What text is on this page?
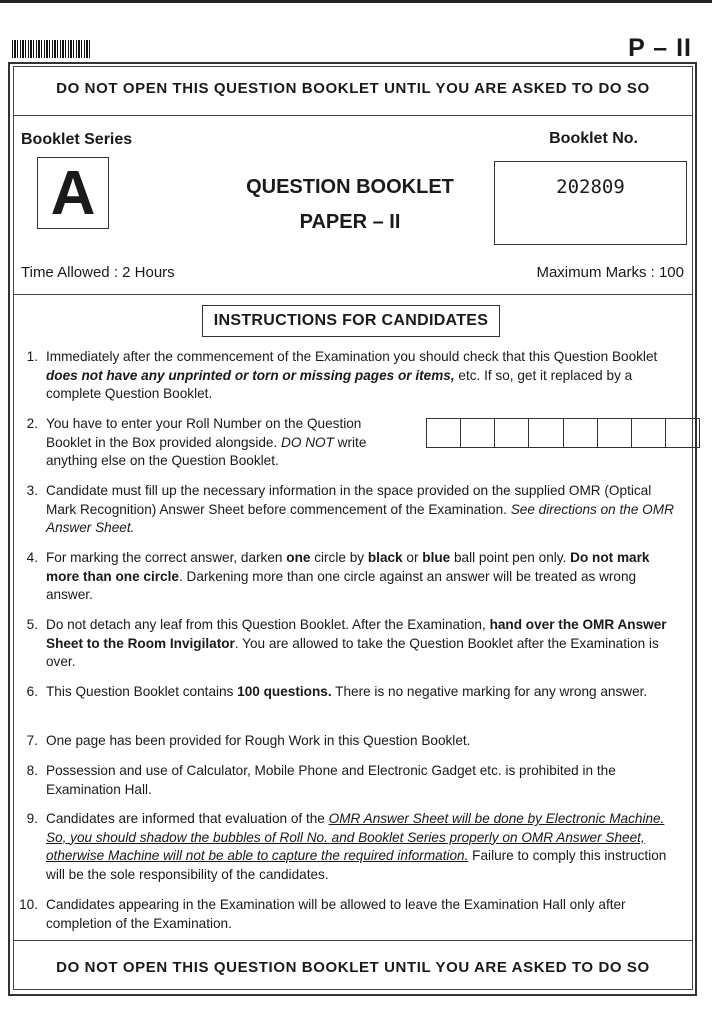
P – II
DO NOT OPEN THIS QUESTION BOOKLET UNTIL YOU ARE ASKED TO DO SO
Booklet Series	Booklet No.
A	QUESTION BOOKLET
PAPER – II
202809
Time Allowed : 2 Hours	Maximum Marks : 100
INSTRUCTIONS FOR CANDIDATES
1. Immediately after the commencement of the Examination you should check that this Question Booklet does not have any unprinted or torn or missing pages or items, etc. If so, get it replaced by a complete Question Booklet.
2. You have to enter your Roll Number on the Question Booklet in the Box provided alongside. DO NOT write anything else on the Question Booklet.
3. Candidate must fill up the necessary information in the space provided on the supplied OMR (Optical Mark Recognition) Answer Sheet before commencement of the Examination. See directions on the OMR Answer Sheet.
4. For marking the correct answer, darken one circle by black or blue ball point pen only. Do not mark more than one circle. Darkening more than one circle against an answer will be treated as wrong answer.
5. Do not detach any leaf from this Question Booklet. After the Examination, hand over the OMR Answer Sheet to the Room Invigilator. You are allowed to take the Question Booklet after the Examination is over.
6. This Question Booklet contains 100 questions. There is no negative marking for any wrong answer.
7. One page has been provided for Rough Work in this Question Booklet.
8. Possession and use of Calculator, Mobile Phone and Electronic Gadget etc. is prohibited in the Examination Hall.
9. Candidates are informed that evaluation of the OMR Answer Sheet will be done by Electronic Machine. So, you should shadow the bubbles of Roll No. and Booklet Series properly on OMR Answer Sheet, otherwise Machine will not be able to capture the required information. Failure to comply this instruction will be the sole responsibility of the candidates.
10. Candidates appearing in the Examination will be allowed to leave the Examination Hall only after completion of the Examination.
DO NOT OPEN THIS QUESTION BOOKLET UNTIL YOU ARE ASKED TO DO SO
